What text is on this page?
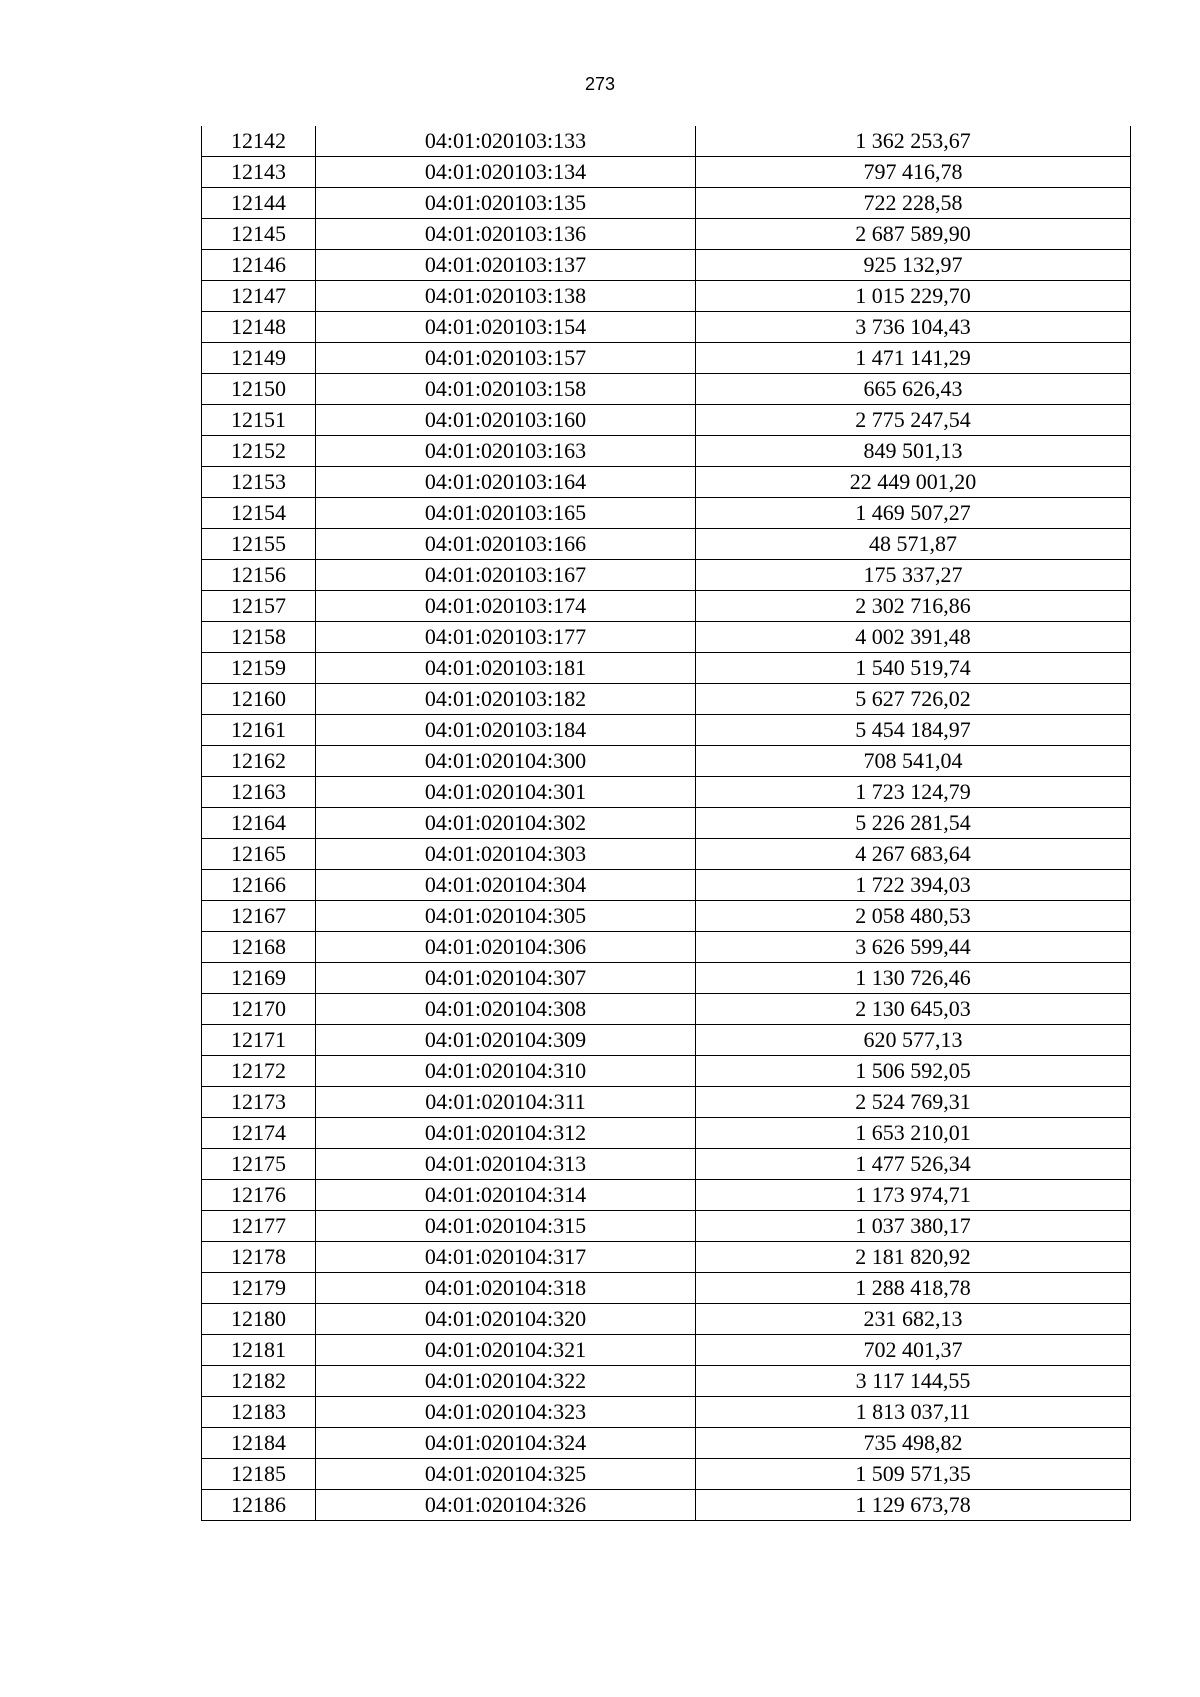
273
12142	04:01:020103:133	1 362 253,67
12143	04:01:020103:134	797 416,78
12144	04:01:020103:135	722 228,58
12145	04:01:020103:136	2 687 589,90
12146	04:01:020103:137	925 132,97
12147	04:01:020103:138	1 015 229,70
12148	04:01:020103:154	3 736 104,43
12149	04:01:020103:157	1 471 141,29
12150	04:01:020103:158	665 626,43
12151	04:01:020103:160	2 775 247,54
12152	04:01:020103:163	849 501,13
12153	04:01:020103:164	22 449 001,20
12154	04:01:020103:165	1 469 507,27
12155	04:01:020103:166	48 571,87
12156	04:01:020103:167	175 337,27
12157	04:01:020103:174	2 302 716,86
12158	04:01:020103:177	4 002 391,48
12159	04:01:020103:181	1 540 519,74
12160	04:01:020103:182	5 627 726,02
12161	04:01:020103:184	5 454 184,97
12162	04:01:020104:300	708 541,04
12163	04:01:020104:301	1 723 124,79
12164	04:01:020104:302	5 226 281,54
12165	04:01:020104:303	4 267 683,64
12166	04:01:020104:304	1 722 394,03
12167	04:01:020104:305	2 058 480,53
12168	04:01:020104:306	3 626 599,44
12169	04:01:020104:307	1 130 726,46
12170	04:01:020104:308	2 130 645,03
12171	04:01:020104:309	620 577,13
12172	04:01:020104:310	1 506 592,05
12173	04:01:020104:311	2 524 769,31
12174	04:01:020104:312	1 653 210,01
12175	04:01:020104:313	1 477 526,34
12176	04:01:020104:314	1 173 974,71
12177	04:01:020104:315	1 037 380,17
12178	04:01:020104:317	2 181 820,92
12179	04:01:020104:318	1 288 418,78
12180	04:01:020104:320	231 682,13
12181	04:01:020104:321	702 401,37
12182	04:01:020104:322	3 117 144,55
12183	04:01:020104:323	1 813 037,11
12184	04:01:020104:324	735 498,82
12185	04:01:020104:325	1 509 571,35
12186	04:01:020104:326	1 129 673,78
